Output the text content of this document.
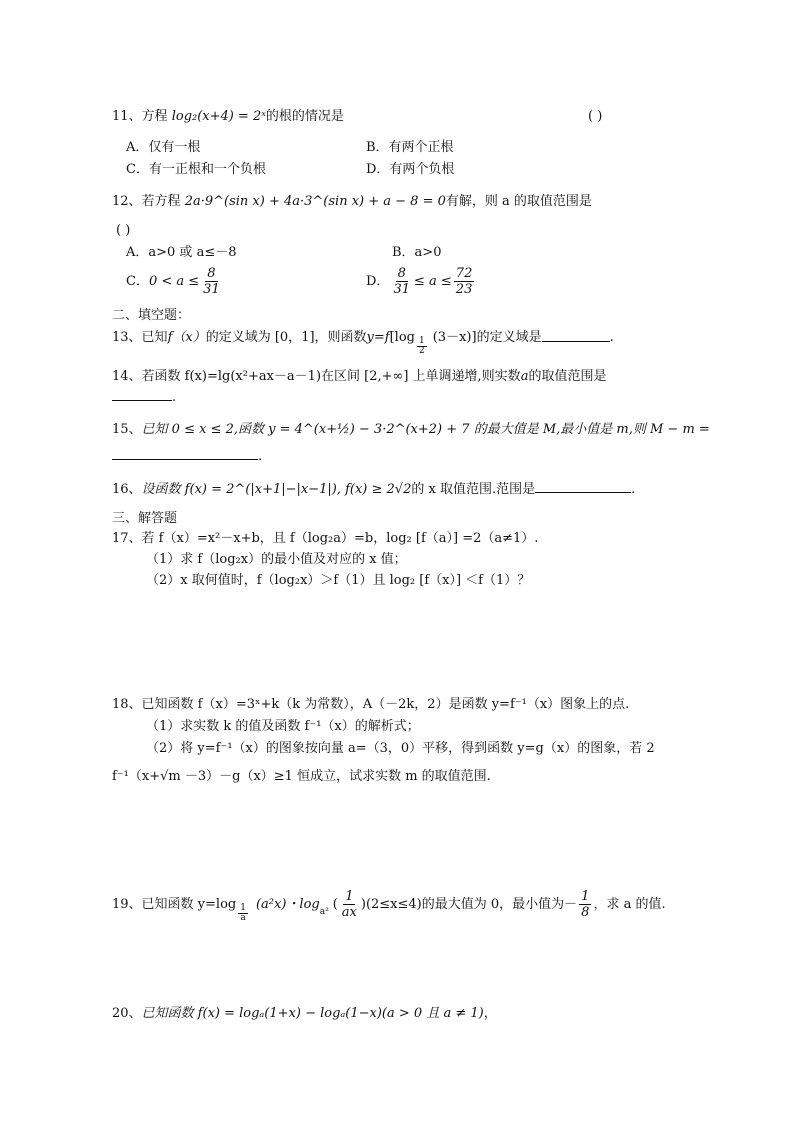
11、方程 log₂(x+4) = 2ˣ的根的情况是	( )
A．仅有一根	B．有两个正根
C．有一正根和一个负根	D．有两个负根
12、若方程 2a·9^(sin x) + 4a·3^(sin x) + a − 8 = 0有解，则 a 的取值范围是
( )
A．a>0 或 a≤－8	B．a>0
C． $0 < a \le \frac{8}{31}$	D． $\frac{8}{31} \le a \le \frac{72}{23}$
二、填空题：
13、 已知 f（x） 的定义域为 [0，1]，则函数 y=f $[\log \frac{1}{2} (3-x)]$ 的定义域是	.
14、若函数 f(x)=lg(x²+ax－a－1)在区间 [2,+∞] 上单调递增,则实数a的取值范围是
.
15、已知 0 ≤ x ≤ 2,函数 y = 4^(x+½) − 3·2^(x+2) + 7 的最大值是 M,最小值是 m,则 M − m =
.
16、设函数 f(x) = 2^(|x+1|−|x−1|), f(x) ≥ 2√2的 x 取值范围.范围是	.
三、解答题
17、若 f（x）=x²－x+b，且 f（log₂a）=b，log₂ [f（a）] =2（a≠1）.
（1）求 f（log₂x）的最小值及对应的 x 值；
（2）x 取何值时，f（log₂x）＞f（1）且 log₂ [f（x）] ＜f（1）？
18、已知函数 f（x）=3ˣ+k（k 为常数），A（－2k，2）是函数 y=f⁻¹（x）图象上的点.
（1）求实数 k 的值及函数 f⁻¹（x）的解析式；
（2）将 y=f⁻¹（x）的图象按向量 a=（3，0）平移，得到函数 y=g（x）的图象，若 2
f⁻¹（x+√m －3）－g（x）≥1 恒成立，试求实数 m 的取值范围.
19、 已知函数 $y=\log \frac{1}{a} (a^2x)$・$\log_{a^2}$ ( $\frac{1}{ax} )(2\le x\le 4)$的最大值为 0，最小值为－ $\frac{1}{8}$ ，求 a 的值.
20、已知函数 f(x) = logₐ(1+x) − logₐ(1−x)(a > 0 且 a ≠ 1)，
